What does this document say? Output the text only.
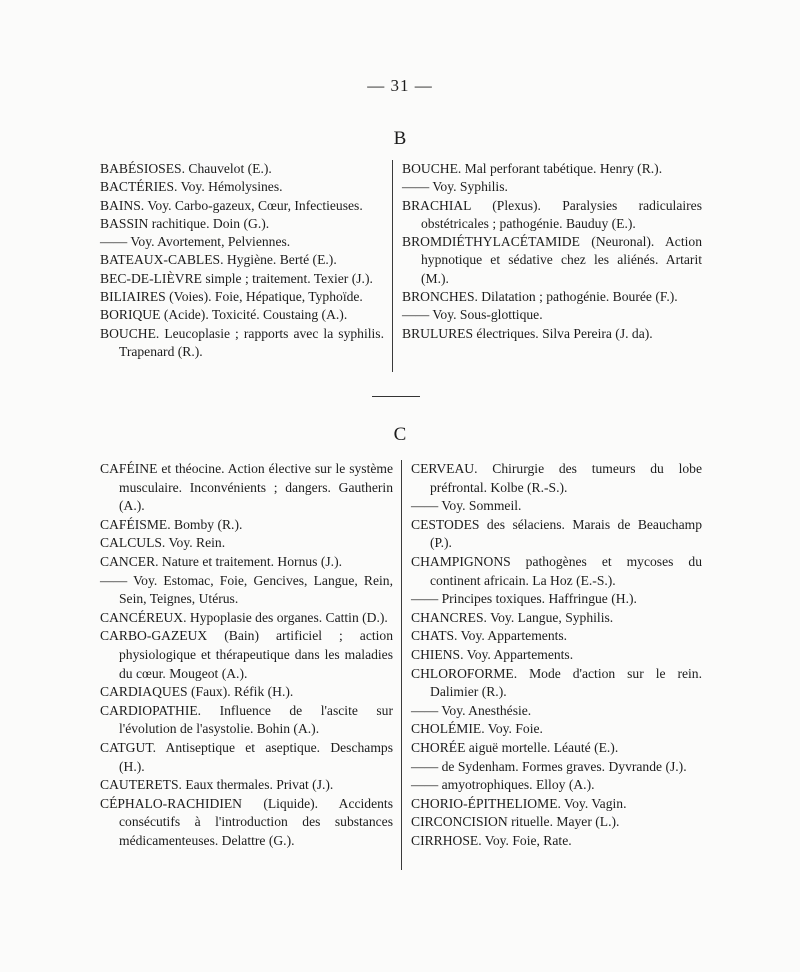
— 31 —
B

BABÉSIOSES. Chauvelot (E.).

BACTÉRIES. Voy. Hémolysines.

BAINS. Voy. Carbo-gazeux, Cœur, Infectieuses.

BASSIN rachitique. Doin (G.).

—— Voy. Avortement, Pelviennes.

BATEAUX-CABLES. Hygiène. Berté (E.).

BEC-DE-LIÈVRE simple ; traitement. Texier (J.).

BILIAIRES (Voies). Foie, Hépatique, Typhoïde.

BORIQUE (Acide). Toxicité. Coustaing (A.).

BOUCHE. Leucoplasie ; rapports avec la syphilis. Trapenard (R.).

BOUCHE. Mal perforant tabétique. Henry (R.).

—— Voy. Syphilis.

BRACHIAL (Plexus). Paralysies radiculaires obstétricales ; pathogénie. Bauduy (E.).

BROMDIÉTHYLACÉTAMIDE (Neuronal). Action hypnotique et sédative chez les aliénés. Artarit (M.).

BRONCHES. Dilatation ; pathogénie. Bourée (F.).

—— Voy. Sous-glottique.

BRULURES électriques. Silva Pereira (J. da).

C

CAFÉINE et théocine. Action élective sur le système musculaire. Inconvénients ; dangers. Gautherin (A.).

CAFÉISME. Bomby (R.).

CALCULS. Voy. Rein.

CANCER. Nature et traitement. Hornus (J.).

—— Voy. Estomac, Foie, Gencives, Langue, Rein, Sein, Teignes, Utérus.

CANCÉREUX. Hypoplasie des organes. Cattin (D.).

CARBO-GAZEUX (Bain) artificiel ; action physiologique et thérapeutique dans les maladies du cœur. Mougeot (A.).

CARDIAQUES (Faux). Réfik (H.).

CARDIOPATHIE. Influence de l'ascite sur l'évolution de l'asystolie. Bohin (A.).

CATGUT. Antiseptique et aseptique. Deschamps (H.).

CAUTERETS. Eaux thermales. Privat (J.).

CÉPHALO-RACHIDIEN (Liquide). Accidents consécutifs à l'introduction des substances médicamenteuses. Delattre (G.).

CERVEAU. Chirurgie des tumeurs du lobe préfrontal. Kolbe (R.-S.).

—— Voy. Sommeil.

CESTODES des sélaciens. Marais de Beauchamp (P.).

CHAMPIGNONS pathogènes et mycoses du continent africain. La Hoz (E.-S.).

—— Principes toxiques. Haffringue (H.).

CHANCRES. Voy. Langue, Syphilis.

CHATS. Voy. Appartements.

CHIENS. Voy. Appartements.

CHLOROFORME. Mode d'action sur le rein. Dalimier (R.).

—— Voy. Anesthésie.

CHOLÉMIE. Voy. Foie.

CHORÉE aiguë mortelle. Léauté (E.).

—— de Sydenham. Formes graves. Dyvrande (J.).

—— amyotrophiques. Elloy (A.).

CHORIO-ÉPITHELIOME. Voy. Vagin.

CIRCONCISION rituelle. Mayer (L.).

CIRRHOSE. Voy. Foie, Rate.
